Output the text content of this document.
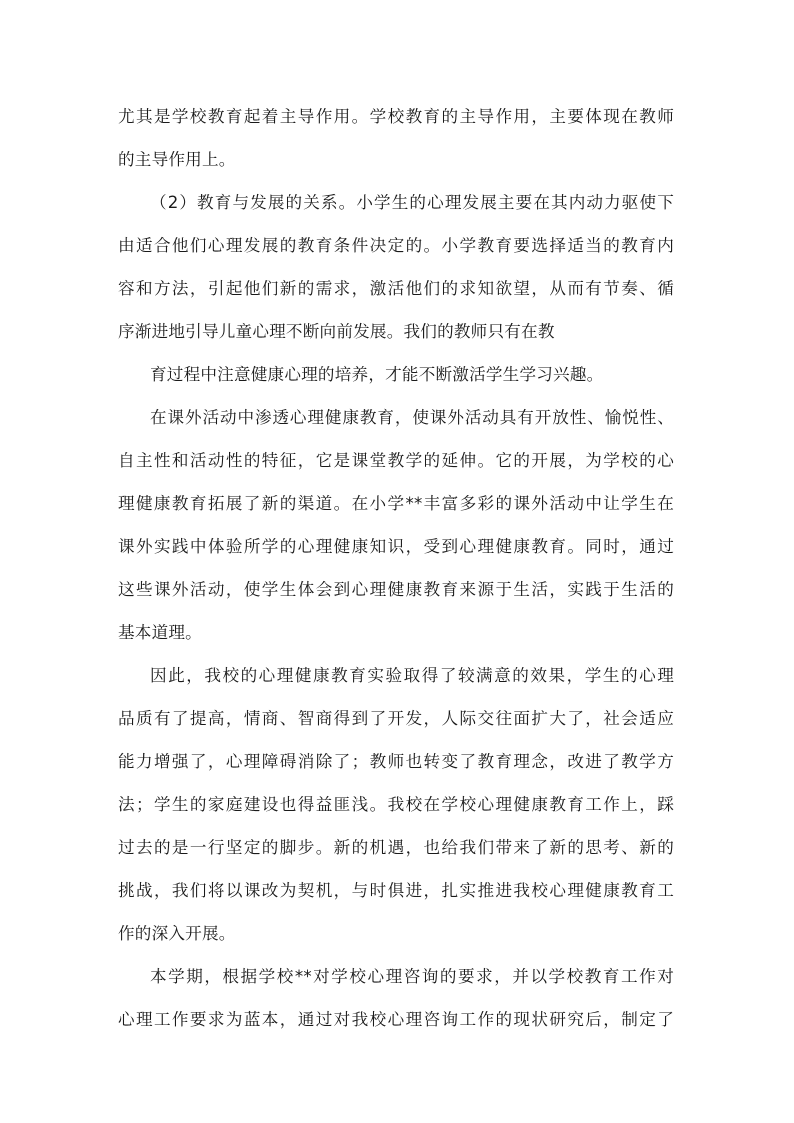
尤其是学校教育起着主导作用。学校教育的主导作用，主要体现在教师
的主导作用上。
（2）教育与发展的关系。小学生的心理发展主要在其内动力驱使下
由适合他们心理发展的教育条件决定的。小学教育要选择适当的教育内
容和方法，引起他们新的需求，激活他们的求知欲望，从而有节奏、循
序渐进地引导儿童心理不断向前发展。我们的教师只有在教
育过程中注意健康心理的培养，才能不断激活学生学习兴趣。
在课外活动中渗透心理健康教育，使课外活动具有开放性、愉悦性、
自主性和活动性的特征，它是课堂教学的延伸。它的开展，为学校的心
理健康教育拓展了新的渠道。在小学**丰富多彩的课外活动中让学生在
课外实践中体验所学的心理健康知识，受到心理健康教育。同时，通过
这些课外活动，使学生体会到心理健康教育来源于生活，实践于生活的
基本道理。
因此，我校的心理健康教育实验取得了较满意的效果，学生的心理
品质有了提高，情商、智商得到了开发，人际交往面扩大了，社会适应
能力增强了，心理障碍消除了；教师也转变了教育理念，改进了教学方
法；学生的家庭建设也得益匪浅。我校在学校心理健康教育工作上，踩
过去的是一行坚定的脚步。新的机遇，也给我们带来了新的思考、新的
挑战，我们将以课改为契机，与时俱进，扎实推进我校心理健康教育工
作的深入开展。
本学期，根据学校**对学校心理咨询的要求，并以学校教育工作对
心理工作要求为蓝本，通过对我校心理咨询工作的现状研究后，制定了
